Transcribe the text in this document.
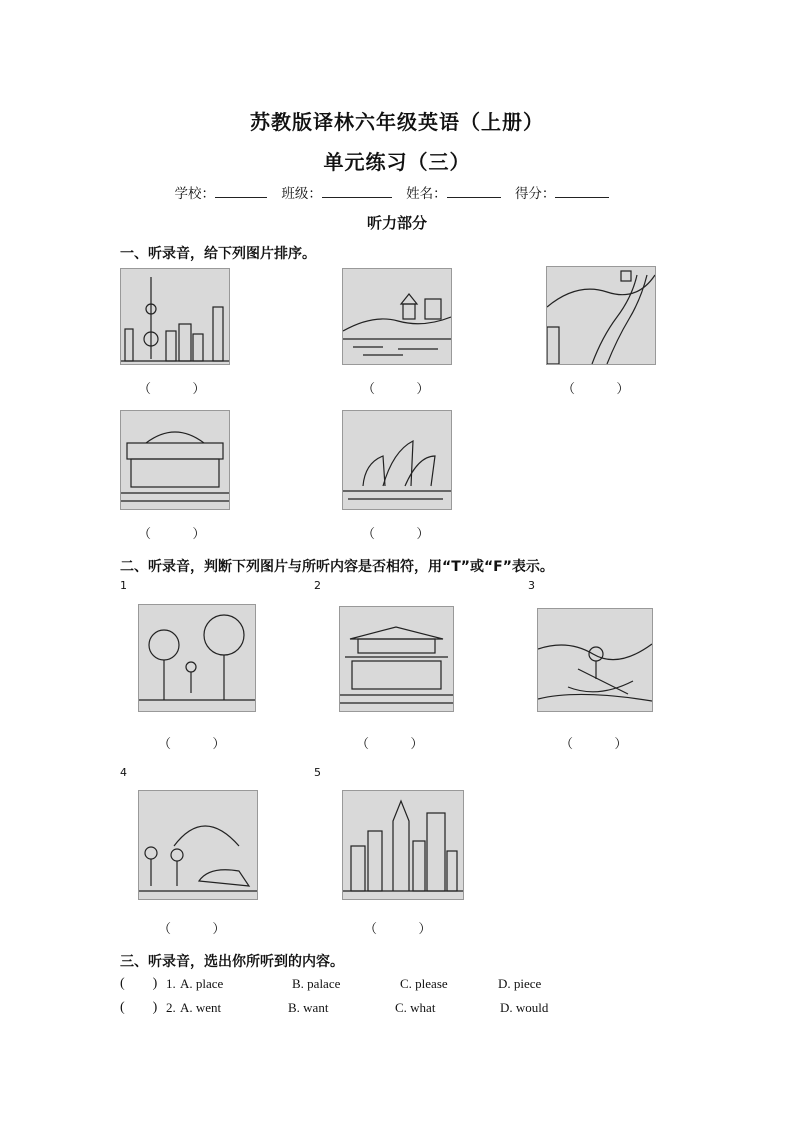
苏教版译林六年级英语（上册）
单元练习（三）
学校：	班级：	姓名：	得分：
听力部分
一、听录音，给下列图片排序。
（          ）	（          ）	（          ）
（          ）	（          ）
二、听录音，判断下列图片与所听内容是否相符，用“T”或“F”表示。
1	2	3
（          ）	（          ）	（          ）
4	5
（          ）	（          ）
三、听录音，选出你所听到的内容。
(        ) 1. A. place	B. palace	C. please	D. piece
(        ) 2. A. went	B. want	C. what	D. would
